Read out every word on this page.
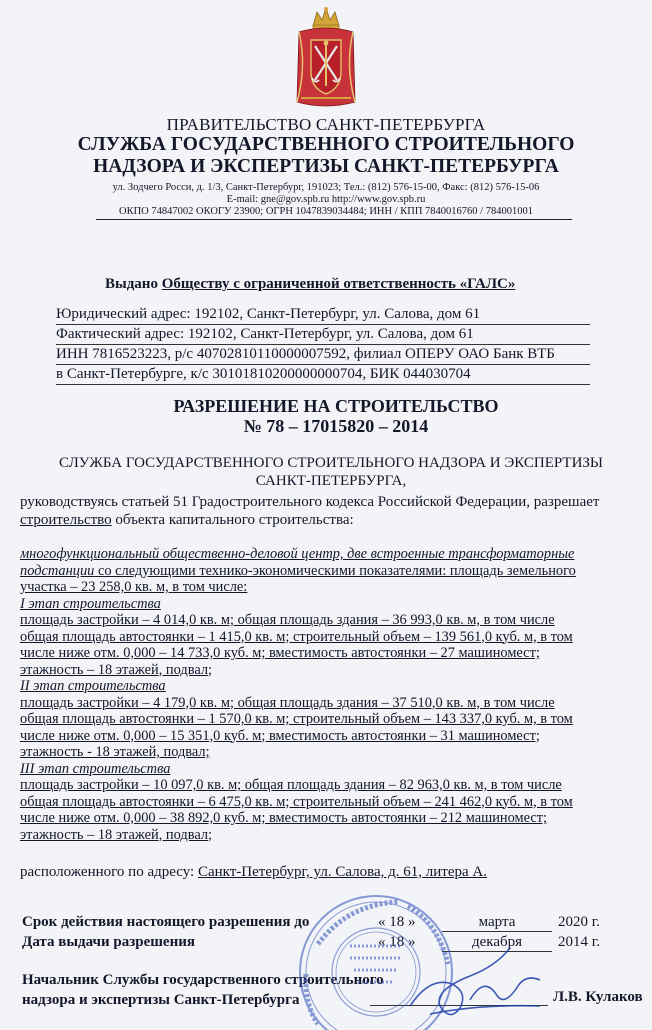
ПРАВИТЕЛЬСТВО САНКТ-ПЕТЕРБУРГА
СЛУЖБА ГОСУДАРСТВЕННОГО СТРОИТЕЛЬНОГО
НАДЗОРА И ЭКСПЕРТИЗЫ САНКТ-ПЕТЕРБУРГА
ул. Зодчего Росси, д. 1/3, Санкт-Петербург, 191023; Тел.: (812) 576-15-00, Факс: (812) 576-15-06
E-mail: gne@gov.spb.ru http://www.gov.spb.ru
ОКПО 74847002 ОКОГУ 23900; ОГРН 1047839034484; ИНН / КПП 7840016760 / 784001001
Выдано Обществу с ограниченной ответственность «ГАЛС»
Юридический адрес: 192102, Санкт-Петербург, ул. Салова, дом 61
Фактический адрес: 192102, Санкт-Петербург, ул. Салова, дом 61
ИНН 7816523223, р/с 40702810110000007592, филиал ОПЕРУ ОАО Банк ВТБ
в Санкт-Петербурге, к/с 30101810200000000704, БИК 044030704
РАЗРЕШЕНИЕ НА СТРОИТЕЛЬСТВО
№ 78 – 17015820 – 2014
СЛУЖБА ГОСУДАРСТВЕННОГО СТРОИТЕЛЬНОГО НАДЗОРА И ЭКСПЕРТИЗЫ
САНКТ-ПЕТЕРБУРГА,
руководствуясь статьей 51 Градостроительного кодекса Российской Федерации, разрешает
строительство объекта капитального строительства:
многофункциональный общественно-деловой центр, две встроенные трансформаторные
подстанции со следующими технико-экономическими показателями: площадь земельного
участка – 23 258,0 кв. м, в том числе:
I этап строительства
площадь застройки – 4 014,0 кв. м; общая площадь здания – 36 993,0 кв. м, в том числе
общая площадь автостоянки – 1 415,0 кв. м; строительный объем – 139 561,0 куб. м, в том
числе ниже отм. 0,000 – 14 733,0 куб. м; вместимость автостоянки – 27 машиномест;
этажность – 18 этажей, подвал;
II этап строительства
площадь застройки – 4 179,0 кв. м; общая площадь здания – 37 510,0 кв. м, в том числе
общая площадь автостоянки – 1 570,0 кв. м; строительный объем – 143 337,0 куб. м, в том
числе ниже отм. 0,000 – 15 351,0 куб. м; вместимость автостоянки – 31 машиномест;
этажность - 18 этажей, подвал;
III этап строительства
площадь застройки – 10 097,0 кв. м; общая площадь здания – 82 963,0 кв. м, в том числе
общая площадь автостоянки – 6 475,0 кв. м; строительный объем – 241 462,0 куб. м, в том
числе ниже отм. 0,000 – 38 892,0 куб. м; вместимость автостоянки – 212 машиномест;
этажность – 18 этажей, подвал;
расположенного по адресу: Санкт-Петербург, ул. Салова, д. 61, литера А.
Срок действия настоящего разрешения до	« 18 »	марта	2020 г.
Дата выдачи разрешения	« 18 »	декабря	2014 г.
Начальник Службы государственного строительного
надзора и экспертизы Санкт-Петербурга	Л.В. Кулаков
